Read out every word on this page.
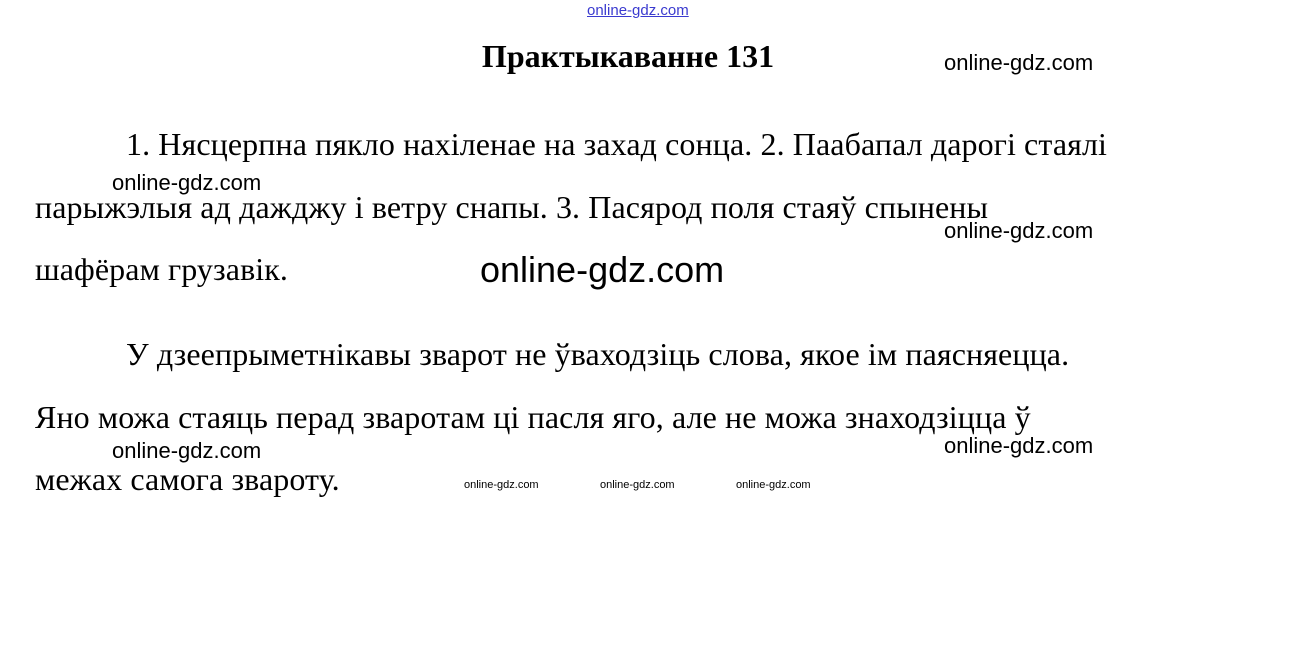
online-gdz.com
Практыкаванне 131
1. Нясцерпна пякло нахіленае на захад сонца. 2. Паабапал дарогі стаялі
парыжэлыя ад дажджу і ветру снапы. 3. Пасярод поля стаяў спынены
шафёрам грузавік.
У дзеепрыметнікавы зварот не ўваходзіць слова, якое ім паясняецца.
Яно можа стаяць перад зваротам ці пасля яго, але не можа знаходзіцца ў
межах самога звароту.
online-gdz.com
online-gdz.com
online-gdz.com
online-gdz.com
online-gdz.com
online-gdz.com
online-gdz.com	online-gdz.com	online-gdz.com
